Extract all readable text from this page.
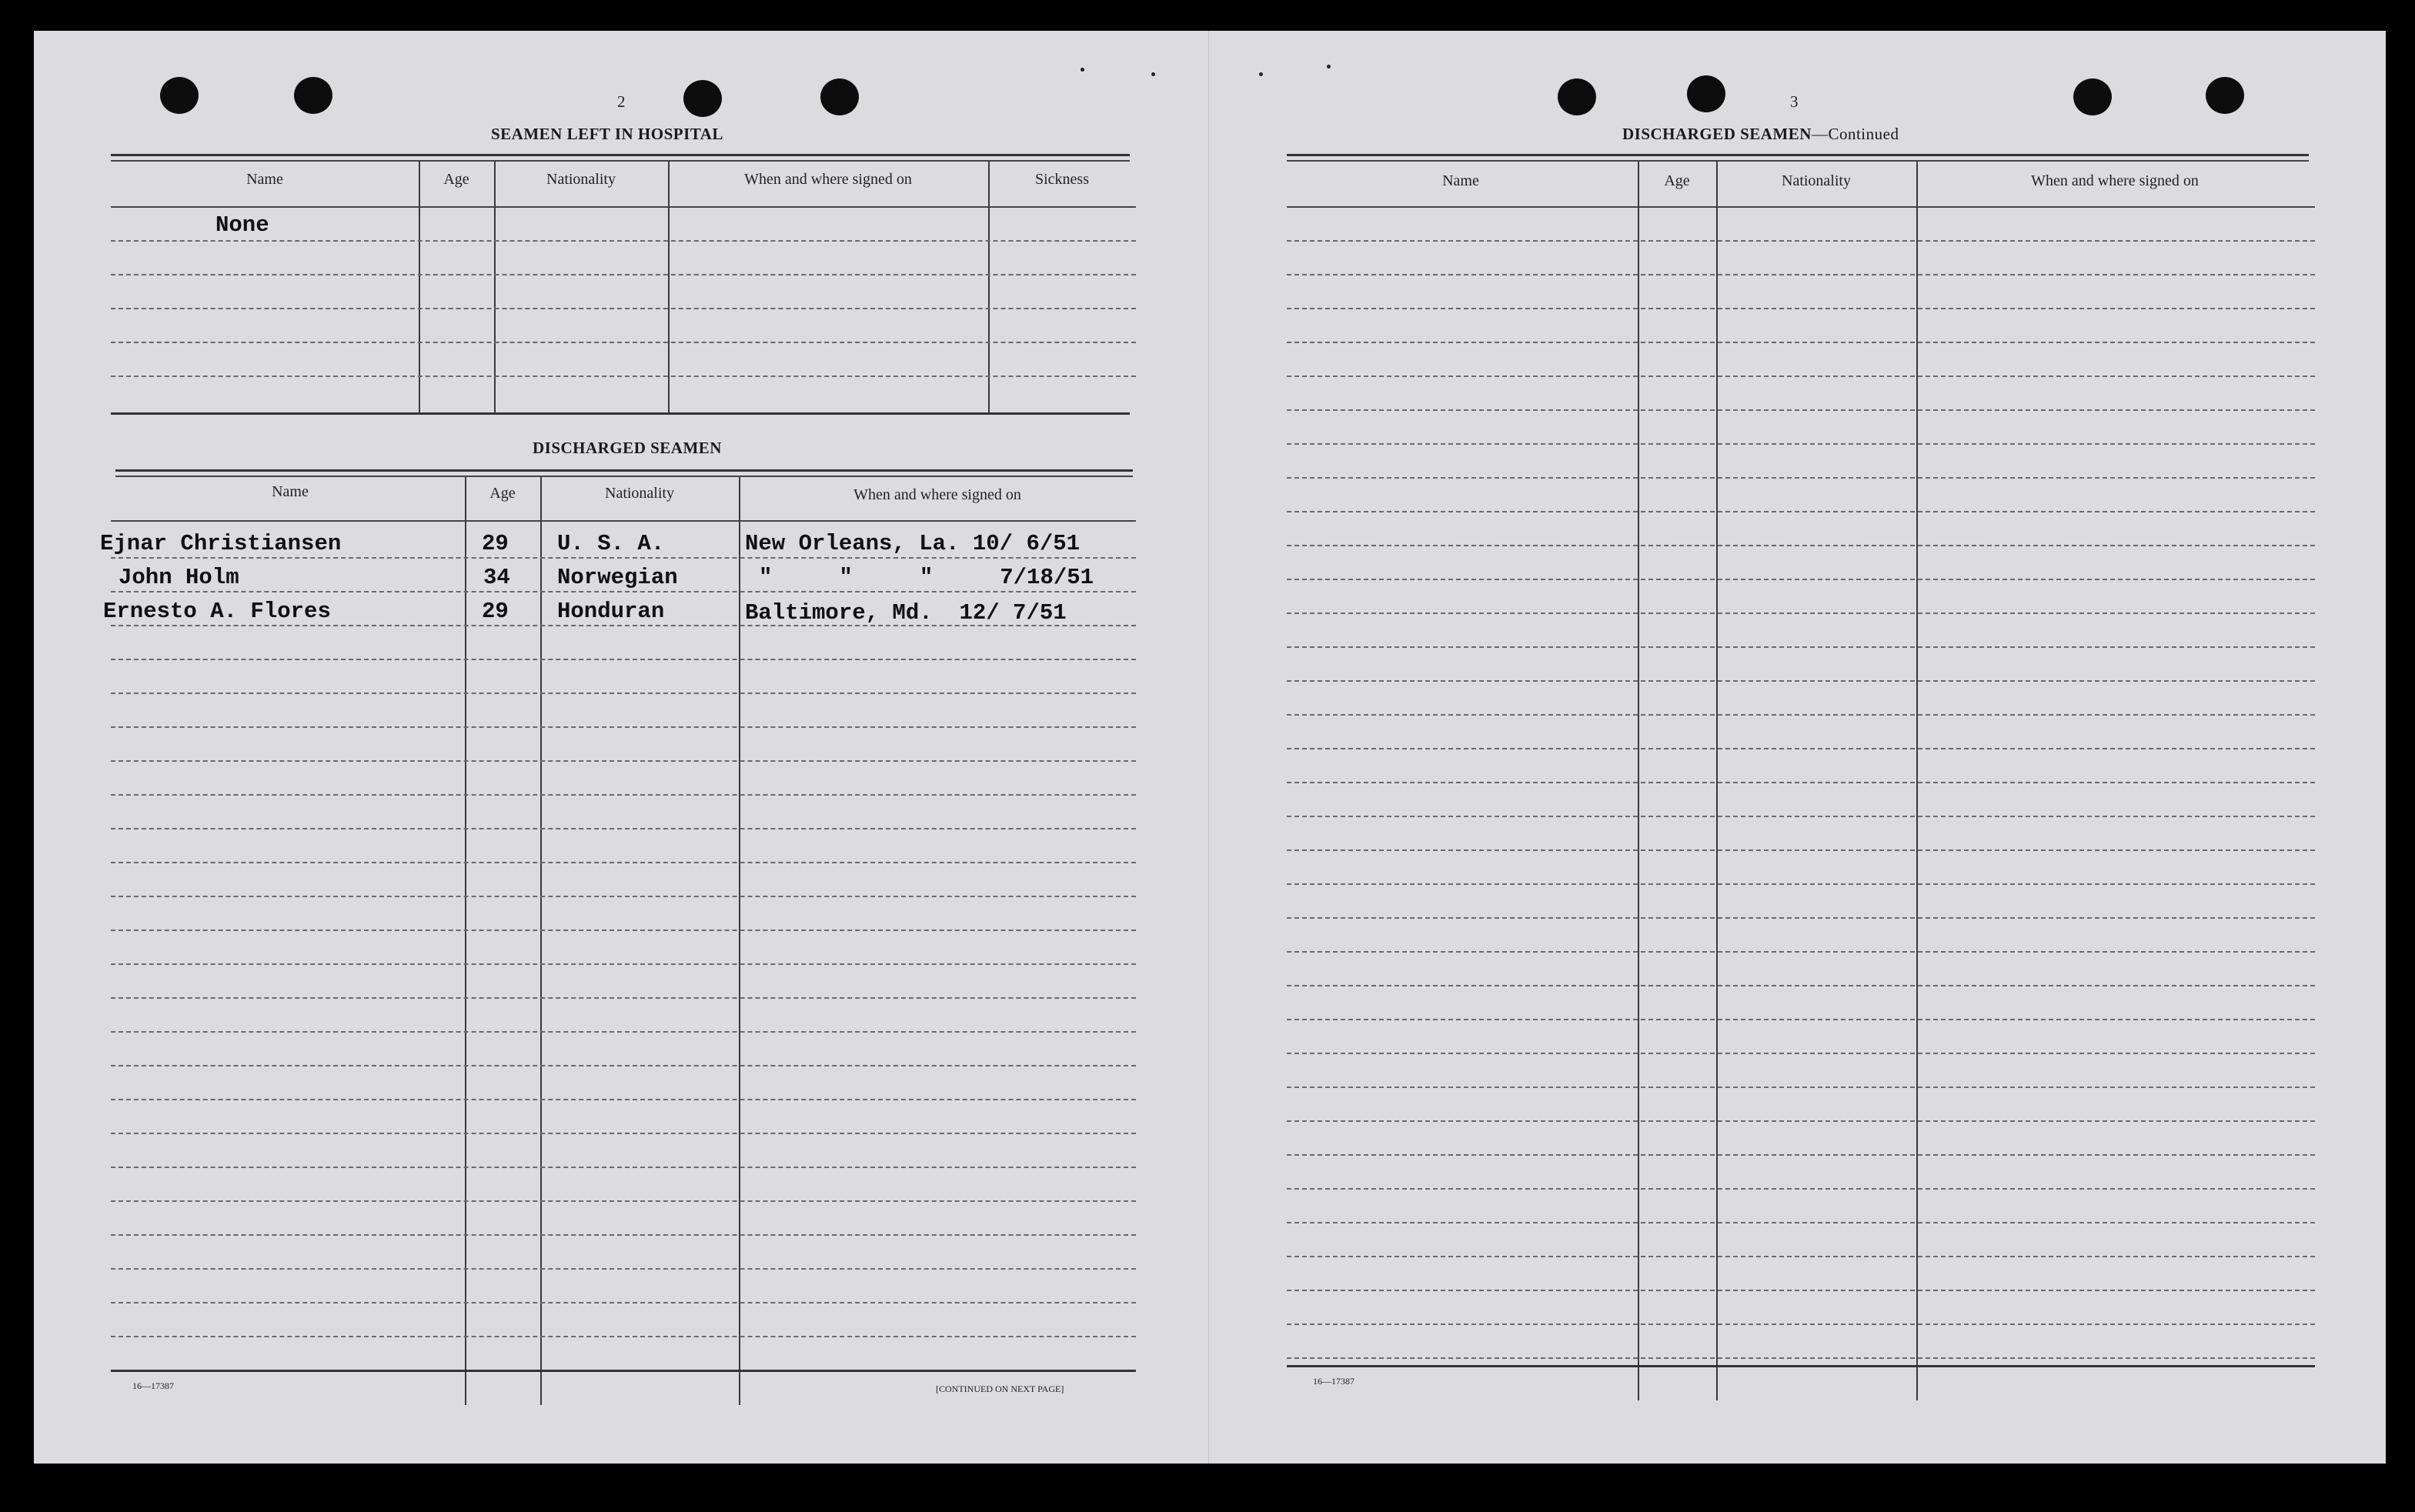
2
SEAMEN LEFT IN HOSPITAL
Name	Age	Nationality	When and where signed on	Sickness
None
DISCHARGED SEAMEN
Name	Age	Nationality	When and where signed on
Ejnar Christiansen	29 U. S. A.	New Orleans, La. 10/ 6/51
John Holm	34 Norwegian	"     "     "     7/18/51
Ernesto A. Flores	29 Honduran	Baltimore, Md.  12/ 7/51
16—17387	[CONTINUED ON NEXT PAGE]
3
DISCHARGED SEAMEN—Continued
Name	Age	Nationality	When and where signed on
16—17387
